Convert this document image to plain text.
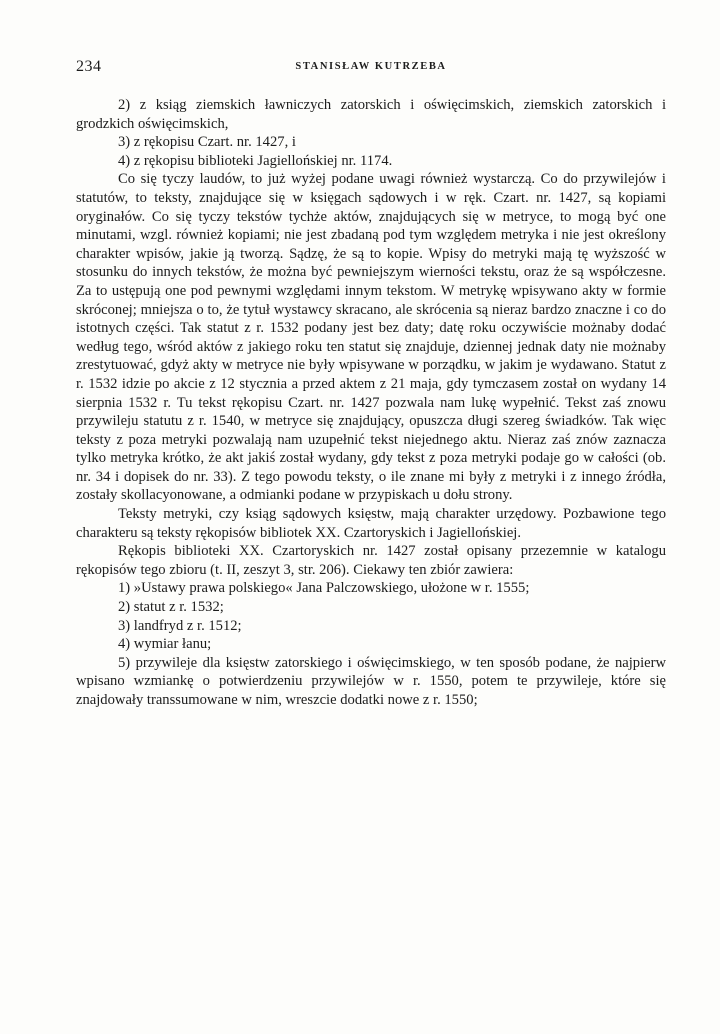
234	STANISŁAW KUTRZEBA

2) z ksiąg ziemskich ławniczych zatorskich i oświęcimskich, ziemskich zatorskich i grodzkich oświęcimskich,

3) z rękopisu Czart. nr. 1427, i

4) z rękopisu biblioteki Jagiellońskiej nr. 1174.

Co się tyczy laudów, to już wyżej podane uwagi również wystarczą. Co do przywilejów i statutów, to teksty, znajdujące się w księgach sądowych i w ręk. Czart. nr. 1427, są kopiami oryginałów. Co się tyczy tekstów tychże aktów, znajdujących się w metryce, to mogą być one minutami, wzgl. również kopiami; nie jest zbadaną pod tym względem metryka i nie jest określony charakter wpisów, jakie ją tworzą. Sądzę, że są to kopie. Wpisy do metryki mają tę wyższość w stosunku do innych tekstów, że można być pewniejszym wierności tekstu, oraz że są współczesne. Za to ustępują one pod pewnymi względami innym tekstom. W metrykę wpisywano akty w formie skróconej; mniejsza o to, że tytuł wystawcy skracano, ale skrócenia są nieraz bardzo znaczne i co do istotnych części. Tak statut z r. 1532 podany jest bez daty; datę roku oczywiście możnaby dodać według tego, wśród aktów z jakiego roku ten statut się znajduje, dziennej jednak daty nie możnaby zrestytuować, gdyż akty w metryce nie były wpisywane w porządku, w jakim je wydawano. Statut z r. 1532 idzie po akcie z 12 stycznia a przed aktem z 21 maja, gdy tymczasem został on wydany 14 sierpnia 1532 r. Tu tekst rękopisu Czart. nr. 1427 pozwala nam lukę wypełnić. Tekst zaś znowu przywileju statutu z r. 1540, w metryce się znajdujący, opuszcza długi szereg świadków. Tak więc teksty z poza metryki pozwalają nam uzupełnić tekst niejednego aktu. Nieraz zaś znów zaznacza tylko metryka krótko, że akt jakiś został wydany, gdy tekst z poza metryki podaje go w całości (ob. nr. 34 i dopisek do nr. 33). Z tego powodu teksty, o ile znane mi były z metryki i z innego źródła, zostały skollacyonowane, a odmianki podane w przypiskach u dołu strony.

Teksty metryki, czy ksiąg sądowych księstw, mają charakter urzędowy. Pozbawione tego charakteru są teksty rękopisów bibliotek XX. Czartoryskich i Jagiellońskiej.

Rękopis biblioteki XX. Czartoryskich nr. 1427 został opisany przezemnie w katalogu rękopisów tego zbioru (t. II, zeszyt 3, str. 206). Ciekawy ten zbiór zawiera:

1) »Ustawy prawa polskiego« Jana Palczowskiego, ułożone w r. 1555;

2) statut z r. 1532;

3) landfryd z r. 1512;

4) wymiar łanu;

5) przywileje dla księstw zatorskiego i oświęcimskiego, w ten sposób podane, że najpierw wpisano wzmiankę o potwierdzeniu przywilejów w r. 1550, potem te przywileje, które się znajdowały transsumowane w nim, wreszcie dodatki nowe z r. 1550;
